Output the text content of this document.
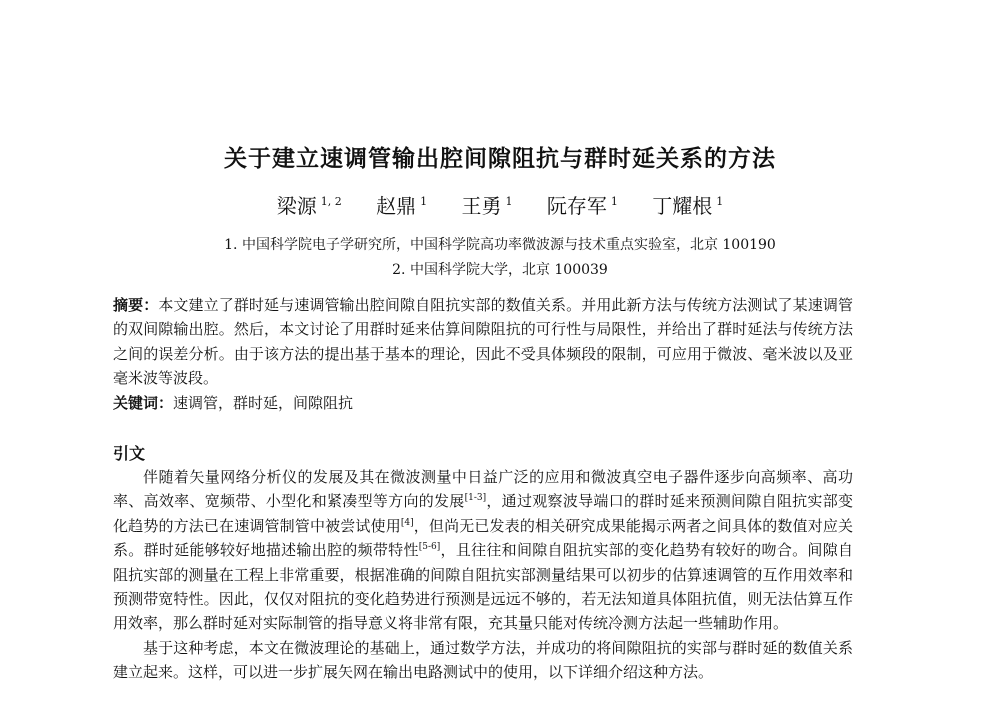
关于建立速调管输出腔间隙阻抗与群时延关系的方法
梁源 $^{1, 2}$ 赵鼎 $^1$ 王勇 $^1$ 阮存军 $^1$ 丁耀根 $^1$
1. 中国科学院电子学研究所，中国科学院高功率微波源与技术重点实验室，北京 100190
2. 中国科学院大学，北京 100039
摘要：本文建立了群时延与速调管输出腔间隙自阻抗实部的数值关系。并用此新方法与传统方法测试了某速调管的双间隙输出腔。然后，本文讨论了用群时延来估算间隙阻抗的可行性与局限性，并给出了群时延法与传统方法之间的误差分析。由于该方法的提出基于基本的理论，因此不受具体频段的限制，可应用于微波、毫米波以及亚毫米波等波段。
关键词：速调管，群时延，间隙阻抗
引文

伴随着矢量网络分析仪的发展及其在微波测量中日益广泛的应用和微波真空电子器件逐步向高频率、高功率、高效率、宽频带、小型化和紧凑型等方向的发展[1-3]，通过观察波导端口的群时延来预测间隙自阻抗实部变化趋势的方法已在速调管制管中被尝试使用[4]，但尚无已发表的相关研究成果能揭示两者之间具体的数值对应关系。群时延能够较好地描述输出腔的频带特性[5-6]，且往往和间隙自阻抗实部的变化趋势有较好的吻合。间隙自阻抗实部的测量在工程上非常重要，根据准确的间隙自阻抗实部测量结果可以初步的估算速调管的互作用效率和预测带宽特性。因此，仅仅对阻抗的变化趋势进行预测是远远不够的，若无法知道具体阻抗值，则无法估算互作用效率，那么群时延对实际制管的指导意义将非常有限，充其量只能对传统冷测方法起一些辅助作用。

基于这种考虑，本文在微波理论的基础上，通过数学方法，并成功的将间隙阻抗的实部与群时延的数值关系建立起来。这样，可以进一步扩展矢网在输出电路测试中的使用，以下详细介绍这种方法。
